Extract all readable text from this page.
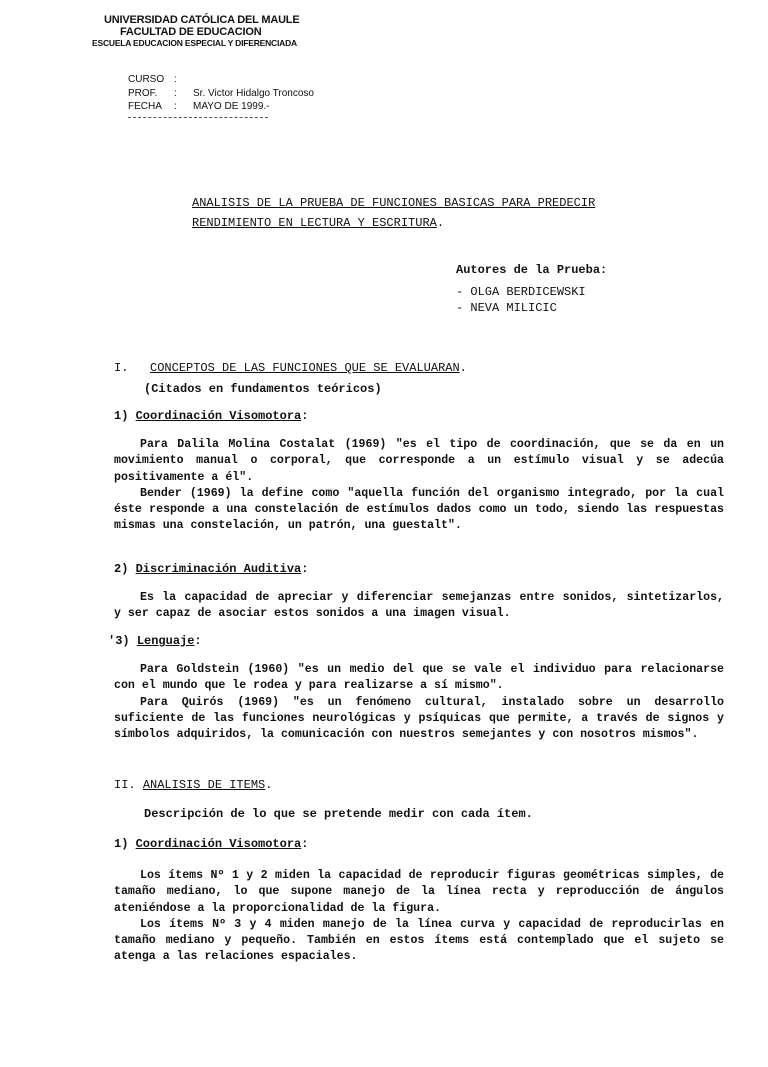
UNIVERSIDAD CATÓLICA DEL MAULE
FACULTAD DE EDUCACION
ESCUELA EDUCACION ESPECIAL Y DIFERENCIADA
CURSO :
PROF. : Sr. Victor Hidalgo Troncoso
FECHA : MAYO DE 1999.-
ANALISIS DE LA PRUEBA DE FUNCIONES BASICAS PARA PREDECIR
RENDIMIENTO EN LECTURA Y ESCRITURA.
Autores de la Prueba:
- OLGA BERDICEWSKI
- NEVA MILICIC
I. CONCEPTOS DE LAS FUNCIONES QUE SE EVALUARAN.
(Citados en fundamentos teóricos)
1) Coordinación Visomotora:

Para Dalila Molina Costalat (1969) "es el tipo de coordinación, que se da en un movimiento manual o corporal, que corresponde a un estímulo visual y se adecúa positivamente a él".

Bender (1969) la define como "aquella función del organismo integrado, por la cual éste responde a una constelación de estímulos dados como un todo, siendo las respuestas mismas una constelación, un patrón, una guestalt".

2) Discriminación Auditiva:

Es la capacidad de apreciar y diferenciar semejanzas entre sonidos, sintetizarlos, y ser capaz de asociar estos sonidos a una imagen visual.

'3) Lenguaje:

Para Goldstein (1960) "es un medio del que se vale el individuo para relacionarse con el mundo que le rodea y para realizarse a sí mismo".

Para Quirós (1969) "es un fenómeno cultural, instalado sobre un desarrollo suficiente de las funciones neurológicas y psíquicas que permite, a través de signos y símbolos adquiridos, la comunicación con nuestros semejantes y con nosotros mismos".

II. ANALISIS DE ITEMS.
Descripción de lo que se pretende medir con cada ítem.
1) Coordinación Visomotora:

Los ítems Nº 1 y 2 miden la capacidad de reproducir figuras geométricas simples, de tamaño mediano, lo que supone manejo de la línea recta y reproducción de ángulos ateniéndose a la proporcionalidad de la figura.

Los ítems Nº 3 y 4 miden manejo de la línea curva y capacidad de reproducirlas en tamaño mediano y pequeño. También en estos ítems está contemplado que el sujeto se atenga a las relaciones espaciales.
